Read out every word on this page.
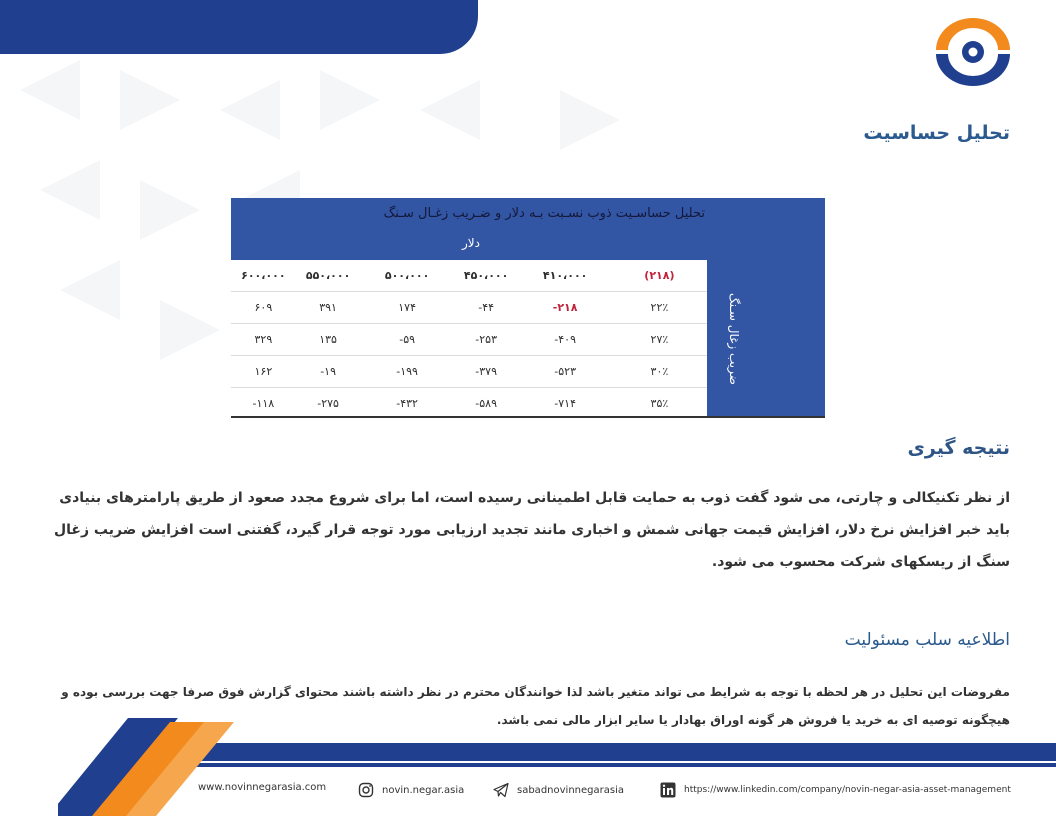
تحلیل حساسیت
تحلیل حساسـیت ذوب نسـبت بـه دلار و ضـریب زغـال سـنگ
دلار
ضریب زغال سـنگ
۶۰۰،۰۰۰	۵۵۰،۰۰۰	۵۰۰،۰۰۰	۴۵۰،۰۰۰	۴۱۰،۰۰۰	(۲۱۸)
۶۰۹	۳۹۱	۱۷۴	-۴۴	-۲۱۸	۲۲٪
۳۲۹	۱۳۵	-۵۹	-۲۵۳	-۴۰۹	۲۷٪
۱۶۲	-۱۹	-۱۹۹	-۳۷۹	-۵۲۳	۳۰٪
-۱۱۸	-۲۷۵	-۴۳۲	-۵۸۹	-۷۱۴	۳۵٪
نتیجه گیری

از نظر تکنیکالی و چارتی، می شود گفت ذوب به حمایت قابل اطمینانی رسیده است، اما برای شروع مجدد صعود از طریق پارامترهای بنیادی باید خبر افزایش نرخ دلار، افزایش قیمت جهانی شمش و اخباری مانند تجدید ارزیابی مورد توجه قرار گیرد، گفتنی است افزایش ضریب زغال سنگ از ریسکهای شرکت محسوب می شود.

اطلاعیه سلب مسئولیت

مفروضات این تحلیل در هر لحظه با توجه به شرایط می تواند متغیر باشد لذا خوانندگان محترم در نظر داشته باشند محتوای گزارش فوق صرفا جهت بررسی بوده و هیچگونه توصیه ای به خرید یا فروش هر گونه اوراق بهادار یا سایر ابزار مالی نمی باشد.

www.novinnegarasia.com	novin.negar.asia	sabadnovinnegarasia	https://www.linkedin.com/company/novin-negar-asia-asset-management
